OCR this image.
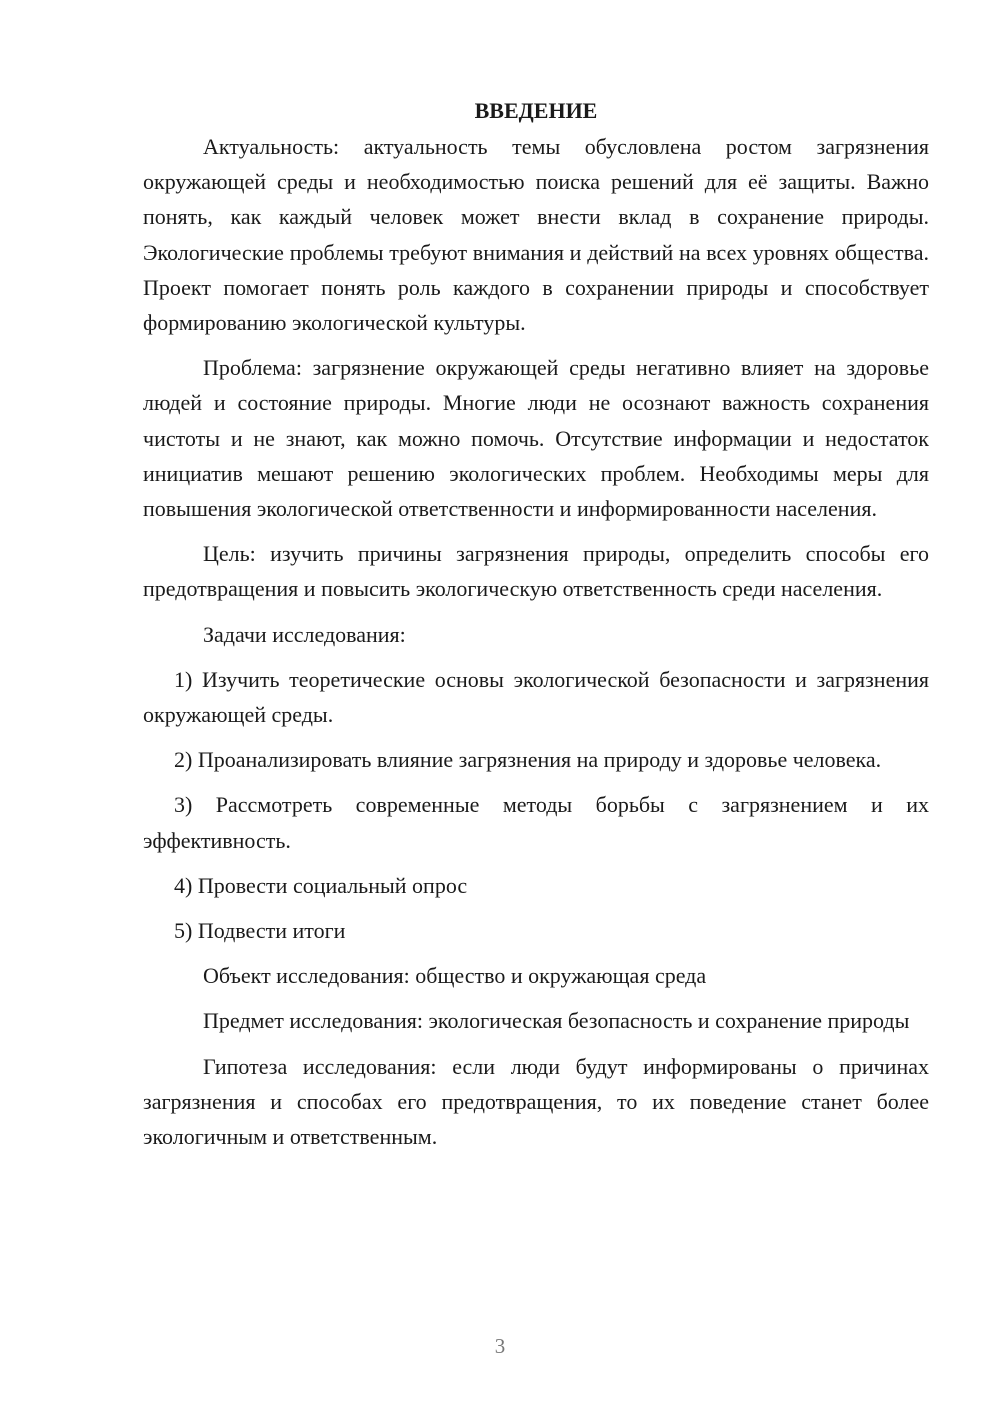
ВВЕДЕНИЕ

Актуальность: актуальность темы обусловлена ростом загрязнения окружающей среды и необходимостью поиска решений для её защиты. Важно понять, как каждый человек может внести вклад в сохранение природы. Экологические проблемы требуют внимания и действий на всех уровнях общества. Проект помогает понять роль каждого в сохранении природы и способствует формированию экологической культуры.

Проблема: загрязнение окружающей среды негативно влияет на здоровье людей и состояние природы. Многие люди не осознают важность сохранения чистоты и не знают, как можно помочь. Отсутствие информации и недостаток инициатив мешают решению экологических проблем. Необходимы меры для повышения экологической ответственности и информированности населения.

Цель: изучить причины загрязнения природы, определить способы его предотвращения и повысить экологическую ответственность среди населения.

Задачи исследования:

1) Изучить теоретические основы экологической безопасности и загрязнения окружающей среды.

2) Проанализировать влияние загрязнения на природу и здоровье человека.

3) Рассмотреть современные методы борьбы с загрязнением и их эффективность.

4) Провести социальный опрос

5) Подвести итоги

Объект исследования: общество и окружающая среда

Предмет исследования: экологическая безопасность и сохранение природы

Гипотеза исследования: если люди будут информированы о причинах загрязнения и способах его предотвращения, то их поведение станет более экологичным и ответственным.

3
